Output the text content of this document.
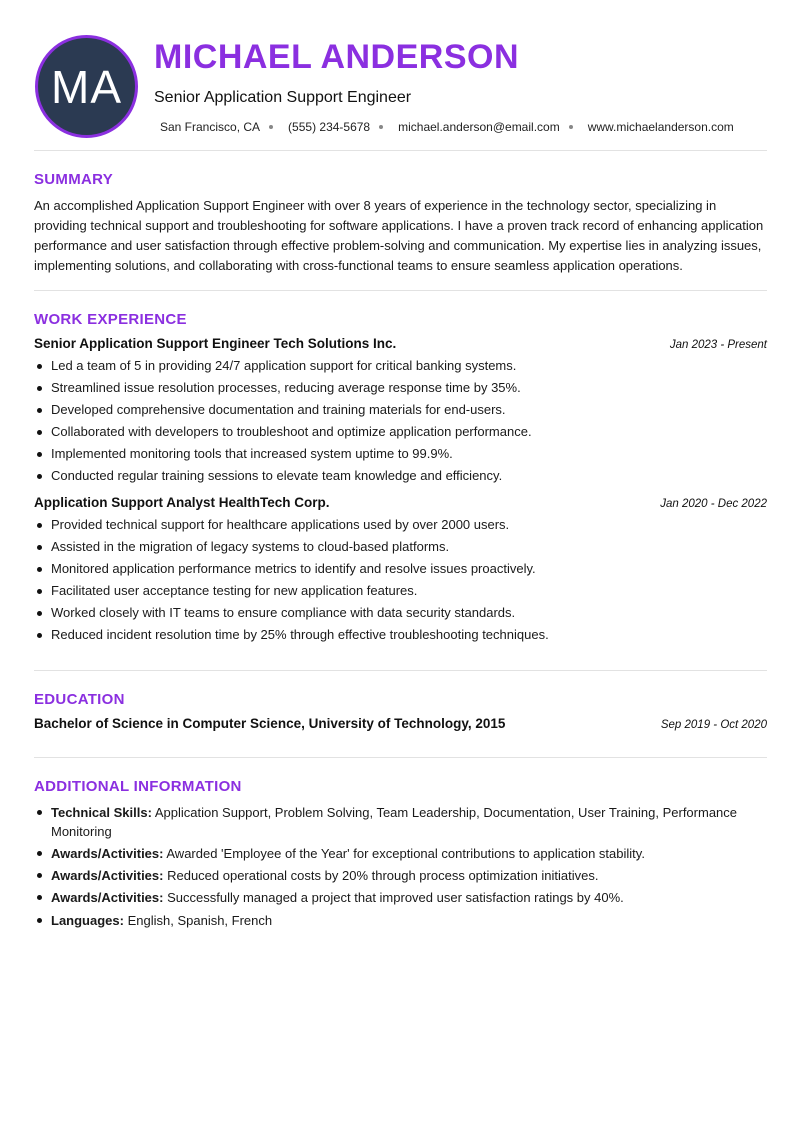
MA
MICHAEL ANDERSON
Senior Application Support Engineer
San Francisco, CA (555) 234-5678 michael.anderson@email.com www.michaelanderson.com
SUMMARY

An accomplished Application Support Engineer with over 8 years of experience in the technology sector, specializing in providing technical support and troubleshooting for software applications. I have a proven track record of enhancing application performance and user satisfaction through effective problem-solving and communication. My expertise lies in analyzing issues, implementing solutions, and collaborating with cross-functional teams to ensure seamless application operations.

WORK EXPERIENCE
Senior Application Support Engineer Tech Solutions Inc.	Jan 2023 - Present
Led a team of 5 in providing 24/7 application support for critical banking systems.
Streamlined issue resolution processes, reducing average response time by 35%.
Developed comprehensive documentation and training materials for end-users.
Collaborated with developers to troubleshoot and optimize application performance.
Implemented monitoring tools that increased system uptime to 99.9%.
Conducted regular training sessions to elevate team knowledge and efficiency.
Application Support Analyst HealthTech Corp.	Jan 2020 - Dec 2022
Provided technical support for healthcare applications used by over 2000 users.
Assisted in the migration of legacy systems to cloud-based platforms.
Monitored application performance metrics to identify and resolve issues proactively.
Facilitated user acceptance testing for new application features.
Worked closely with IT teams to ensure compliance with data security standards.
Reduced incident resolution time by 25% through effective troubleshooting techniques.
EDUCATION
Bachelor of Science in Computer Science, University of Technology, 2015	Sep 2019 - Oct 2020
ADDITIONAL INFORMATION
Technical Skills: Application Support, Problem Solving, Team Leadership, Documentation, User Training, Performance Monitoring
Awards/Activities: Awarded 'Employee of the Year' for exceptional contributions to application stability.
Awards/Activities: Reduced operational costs by 20% through process optimization initiatives.
Awards/Activities: Successfully managed a project that improved user satisfaction ratings by 40%.
Languages: English, Spanish, French
